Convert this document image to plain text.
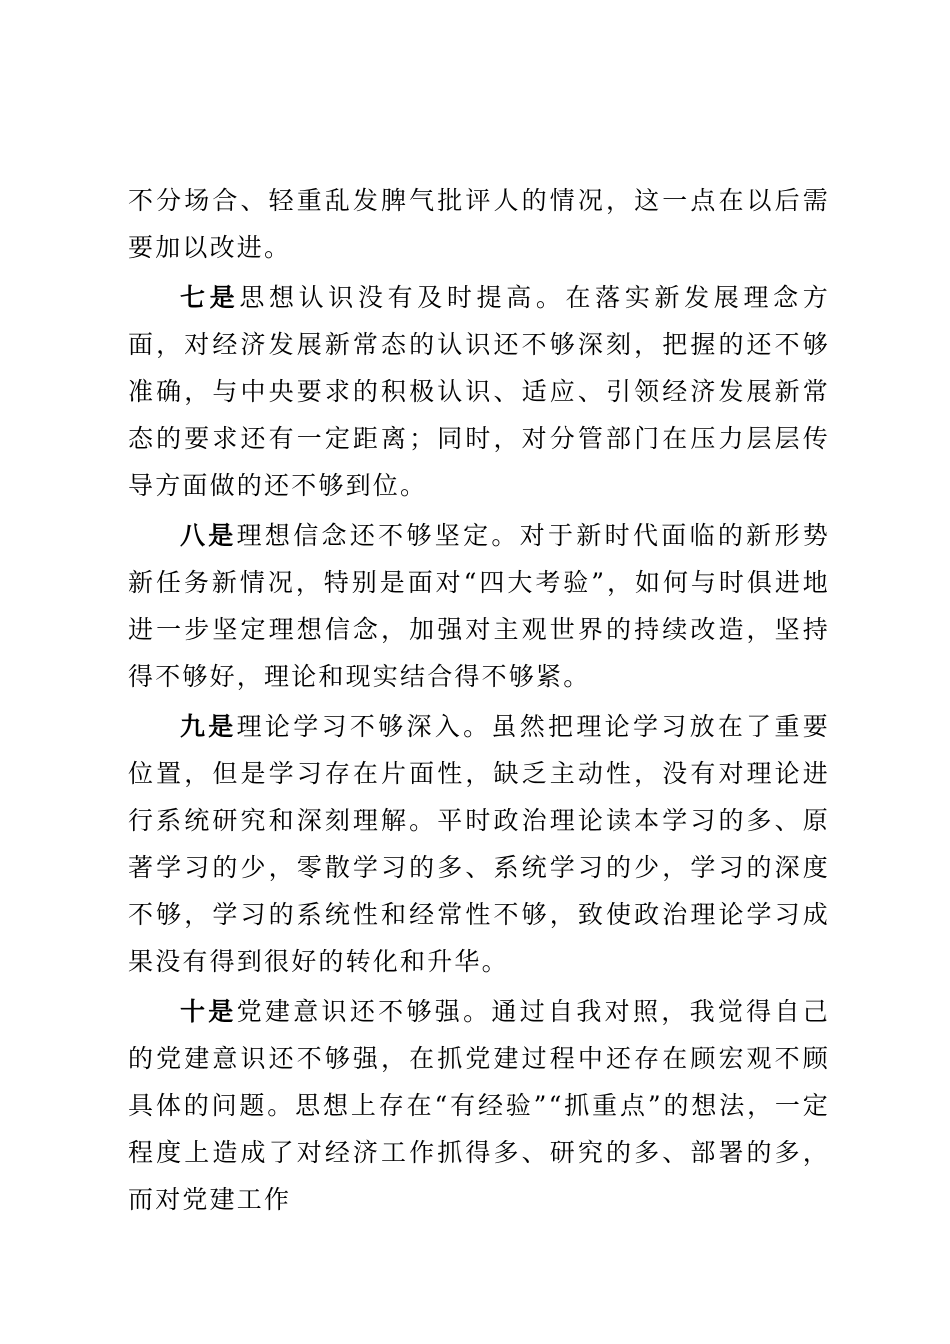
不分场合、轻重乱发脾气批评人的情况，这一点在以后需要加以改进。

七是思想认识没有及时提高。在落实新发展理念方面，对经济发展新常态的认识还不够深刻，把握的还不够准确，与中央要求的积极认识、适应、引领经济发展新常态的要求还有一定距离；同时，对分管部门在压力层层传导方面做的还不够到位。

八是理想信念还不够坚定。对于新时代面临的新形势新任务新情况，特别是面对“四大考验”，如何与时俱进地进一步坚定理想信念，加强对主观世界的持续改造，坚持得不够好，理论和现实结合得不够紧。

九是理论学习不够深入。虽然把理论学习放在了重要位置，但是学习存在片面性，缺乏主动性，没有对理论进行系统研究和深刻理解。平时政治理论读本学习的多、原著学习的少，零散学习的多、系统学习的少，学习的深度不够，学习的系统性和经常性不够，致使政治理论学习成果没有得到很好的转化和升华。

十是党建意识还不够强。通过自我对照，我觉得自己的党建意识还不够强，在抓党建过程中还存在顾宏观不顾具体的问题。思想上存在“有经验”“抓重点”的想法，一定程度上造成了对经济工作抓得多、研究的多、部署的多，而对党建工作
